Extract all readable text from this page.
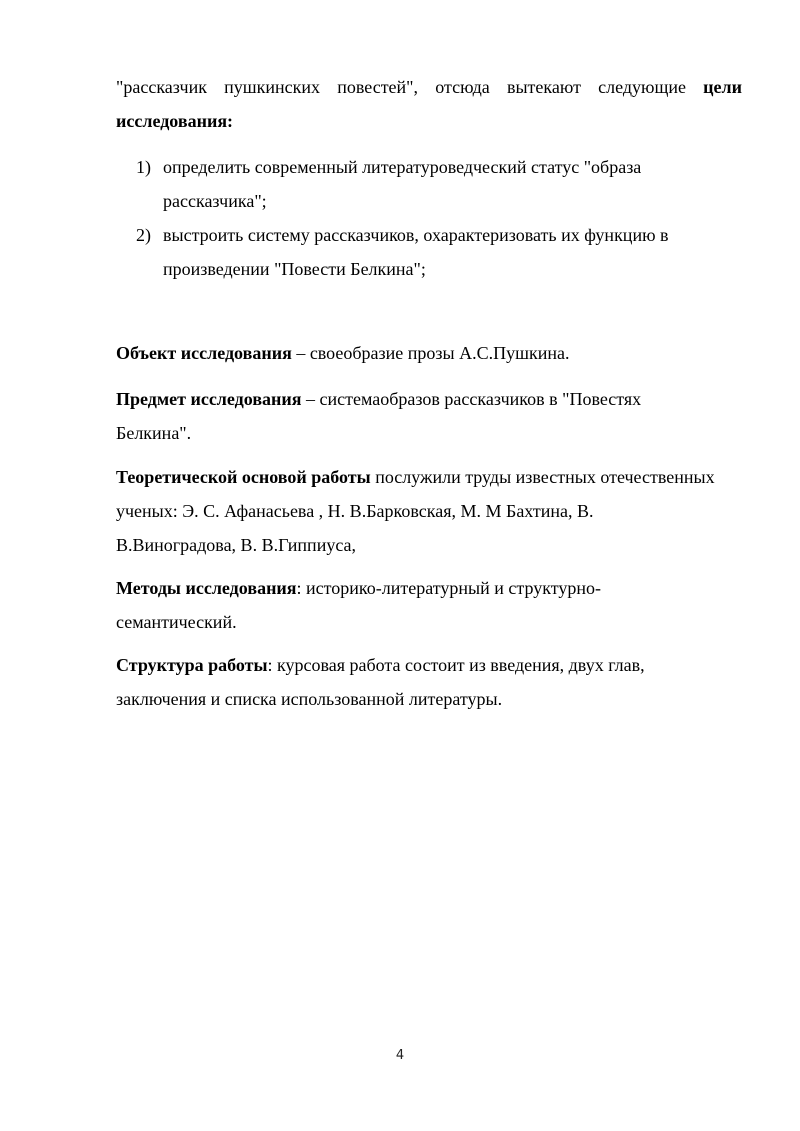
"рассказчик пушкинских повестей", отсюда вытекают следующие цели
исследования:

1) определить современный литературоведческий статус "образа
рассказчика";
2) выстроить систему рассказчиков, охарактеризовать их функцию в
произведении "Повести Белкина";

Объект исследования – своеобразие прозы А.С.Пушкина.

Предмет исследования – системаобразов рассказчиков в "Повестях
Белкина".

Теоретической основой работы послужили труды известных отечественных
ученых: Э. С. Афанасьева , Н. В.Барковская, М. М Бахтина, В.
В.Виноградова, В. В.Гиппиуса,

Методы исследования: историко-литературный и структурно-
семантический.

Структура работы: курсовая работа состоит из введения, двух глав,
заключения и списка использованной литературы.

4
